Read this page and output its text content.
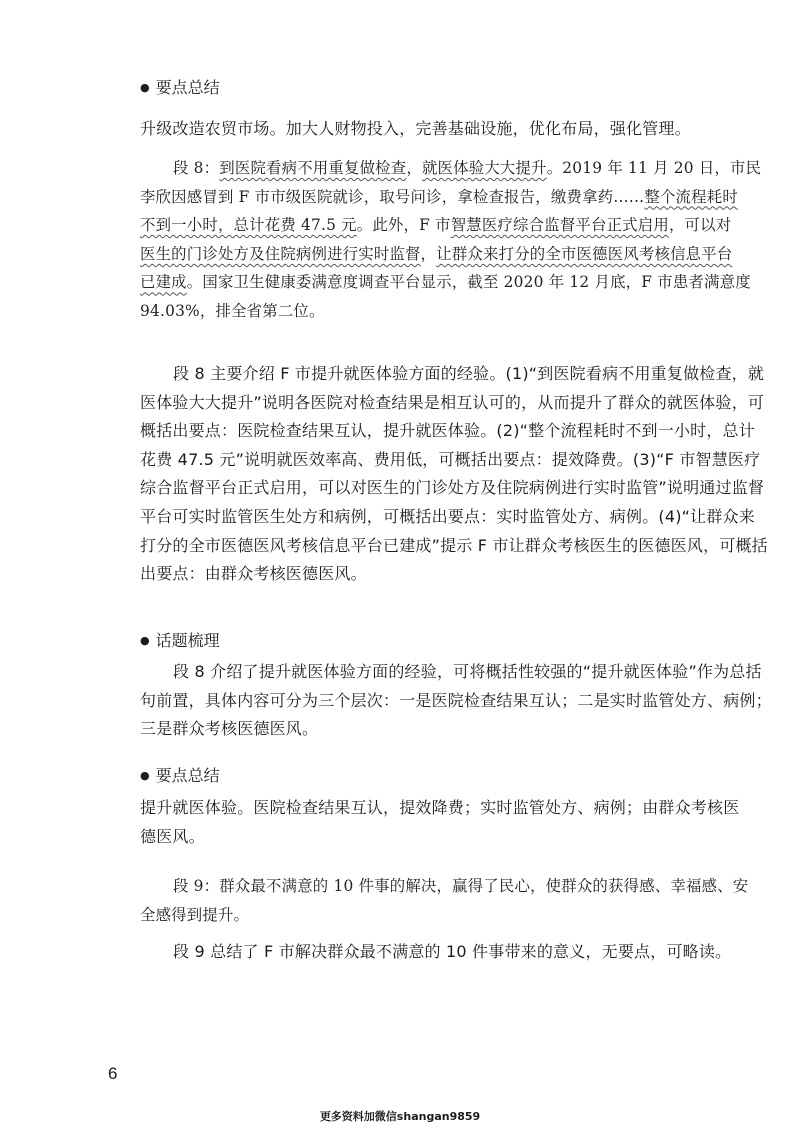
● 要点总结
升级改造农贸市场。加大人财物投入，完善基础设施，优化布局，强化管理。
段 8：到医院看病不用重复做检查，就医体验大大提升。2019 年 11 月 20 日，市民
李欣因感冒到 F 市市级医院就诊，取号问诊，拿检查报告，缴费拿药……整个流程耗时
不到一小时，总计花费 47.5 元。此外，F 市智慧医疗综合监督平台正式启用，可以对
医生的门诊处方及住院病例进行实时监督，让群众来打分的全市医德医风考核信息平台
已建成。国家卫生健康委满意度调查平台显示，截至 2020 年 12 月底，F 市患者满意度
94.03%，排全省第二位。
段 8 主要介绍 F 市提升就医体验方面的经验。(1)“到医院看病不用重复做检查，就
医体验大大提升”说明各医院对检查结果是相互认可的，从而提升了群众的就医体验，可
概括出要点：医院检查结果互认，提升就医体验。(2)“整个流程耗时不到一小时，总计
花费 47.5 元”说明就医效率高、费用低，可概括出要点：提效降费。(3)“F 市智慧医疗
综合监督平台正式启用，可以对医生的门诊处方及住院病例进行实时监管”说明通过监督
平台可实时监管医生处方和病例，可概括出要点：实时监管处方、病例。(4)“让群众来
打分的全市医德医风考核信息平台已建成”提示 F 市让群众考核医生的医德医风，可概括
出要点：由群众考核医德医风。
● 话题梳理
段 8 介绍了提升就医体验方面的经验，可将概括性较强的“提升就医体验”作为总括
句前置，具体内容可分为三个层次：一是医院检查结果互认；二是实时监管处方、病例；
三是群众考核医德医风。
● 要点总结
提升就医体验。医院检查结果互认，提效降费；实时监管处方、病例；由群众考核医
德医风。
段 9：群众最不满意的 10 件事的解决，赢得了民心，使群众的获得感、幸福感、安
全感得到提升。
段 9 总结了 F 市解决群众最不满意的 10 件事带来的意义，无要点，可略读。
6
更多资料加微信shangan9859
